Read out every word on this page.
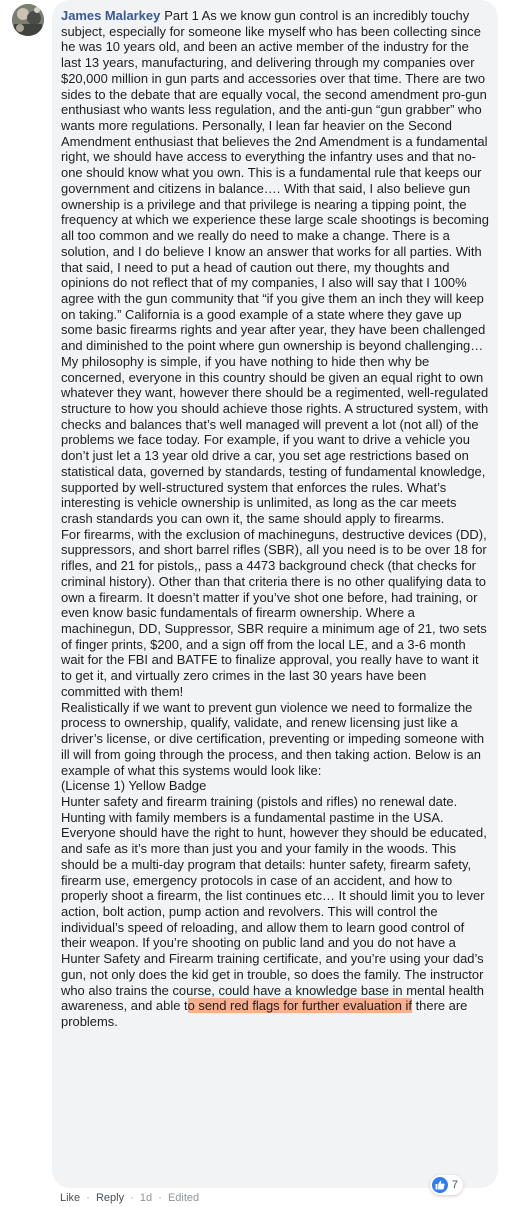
James Malarkey Part 1 As we know gun control is an incredibly touchy subject, especially for someone like myself who has been collecting since he was 10 years old, and been an active member of the industry for the last 13 years, manufacturing, and delivering through my companies over $20,000 million in gun parts and accessories over that time. There are two sides to the debate that are equally vocal, the second amendment pro-gun enthusiast who wants less regulation, and the anti-gun “gun grabber” who wants more regulations. Personally, I lean far heavier on the Second Amendment enthusiast that believes the 2nd Amendment is a fundamental right, we should have access to everything the infantry uses and that no-one should know what you own. This is a fundamental rule that keeps our government and citizens in balance…. With that said, I also believe gun ownership is a privilege and that privilege is nearing a tipping point, the frequency at which we experience these large scale shootings is becoming all too common and we really do need to make a change. There is a solution, and I do believe I know an answer that works for all parties. With that said, I need to put a head of caution out there, my thoughts and opinions do not reflect that of my companies, I also will say that I 100% agree with the gun community that “if you give them an inch they will keep on taking.” California is a good example of a state where they gave up some basic firearms rights and year after year, they have been challenged and diminished to the point where gun ownership is beyond challenging…
My philosophy is simple, if you have nothing to hide then why be concerned, everyone in this country should be given an equal right to own whatever they want, however there should be a regimented, well-regulated structure to how you should achieve those rights. A structured system, with checks and balances that’s well managed will prevent a lot (not all) of the problems we face today. For example, if you want to drive a vehicle you don’t just let a 13 year old drive a car, you set age restrictions based on statistical data, governed by standards, testing of fundamental knowledge, supported by well-structured system that enforces the rules. What’s interesting is vehicle ownership is unlimited, as long as the car meets crash standards you can own it, the same should apply to firearms.
For firearms, with the exclusion of machineguns, destructive devices (DD), suppressors, and short barrel rifles (SBR), all you need is to be over 18 for rifles, and 21 for pistols,, pass a 4473 background check (that checks for criminal history). Other than that criteria there is no other qualifying data to own a firearm. It doesn’t matter if you’ve shot one before, had training, or even know basic fundamentals of firearm ownership. Where a machinegun, DD, Suppressor, SBR require a minimum age of 21, two sets of finger prints, $200, and a sign off from the local LE, and a 3-6 month wait for the FBI and BATFE to finalize approval, you really have to want it to get it, and virtually zero crimes in the last 30 years have been committed with them!
Realistically if we want to prevent gun violence we need to formalize the process to ownership, qualify, validate, and renew licensing just like a driver’s license, or dive certification, preventing or impeding someone with ill will from going through the process, and then taking action. Below is an example of what this systems would look like:
(License 1) Yellow Badge
Hunter safety and firearm training (pistols and rifles) no renewal date. Hunting with family members is a fundamental pastime in the USA. Everyone should have the right to hunt, however they should be educated, and safe as it’s more than just you and your family in the woods. This should be a multi-day program that details: hunter safety, firearm safety, firearm use, emergency protocols in case of an accident, and how to properly shoot a firearm, the list continues etc… It should limit you to lever action, bolt action, pump action and revolvers. This will control the individual’s speed of reloading, and allow them to learn good control of their weapon. If you’re shooting on public land and you do not have a Hunter Safety and Firearm training certificate, and you’re using your dad’s gun, not only does the kid get in trouble, so does the family. The instructor who also trains the course, could have a knowledge base in mental health awareness, and able to send red flags for further evaluation if there are problems.

Like · Reply · 1d · Edited
7
